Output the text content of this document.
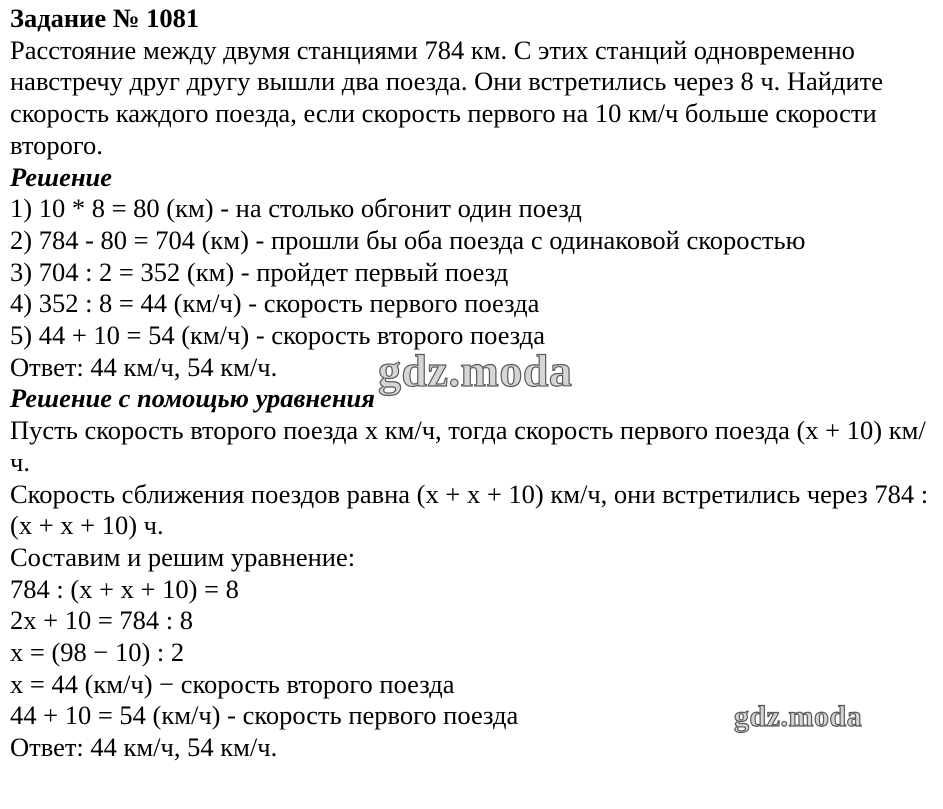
Задание № 1081
Расстояние между двумя станциями 784 км. С этих станций одновременно навстречу друг другу вышли два поезда. Они встретились через 8 ч. Найдите скорость каждого поезда, если скорость первого на 10 км/ч больше скорости второго.
Решение
1) 10 * 8 = 80 (км) - на столько обгонит один поезд
2) 784 - 80 = 704 (км) - прошли бы оба поезда с одинаковой скоростью
3) 704 : 2 = 352 (км) - пройдет первый поезд
4) 352 : 8 = 44 (км/ч) - скорость первого поезда
5) 44 + 10 = 54 (км/ч) - скорость второго поезда
Ответ: 44 км/ч, 54 км/ч.
Решение с помощью уравнения
Пусть скорость второго поезда х км/ч, тогда скорость первого поезда (х + 10) км/ч.
Скорость сближения поездов равна (х + х + 10) км/ч, они встретились через 784 : (х + х + 10) ч.
Составим и решим уравнение:
784 : (х + х + 10) = 8
2х + 10 = 784 : 8
х = (98 − 10) : 2
х = 44 (км/ч) − скорость второго поезда
44 + 10 = 54 (км/ч) - скорость первого поезда
Ответ: 44 км/ч, 54 км/ч.
gdz.moda
gdz.moda
